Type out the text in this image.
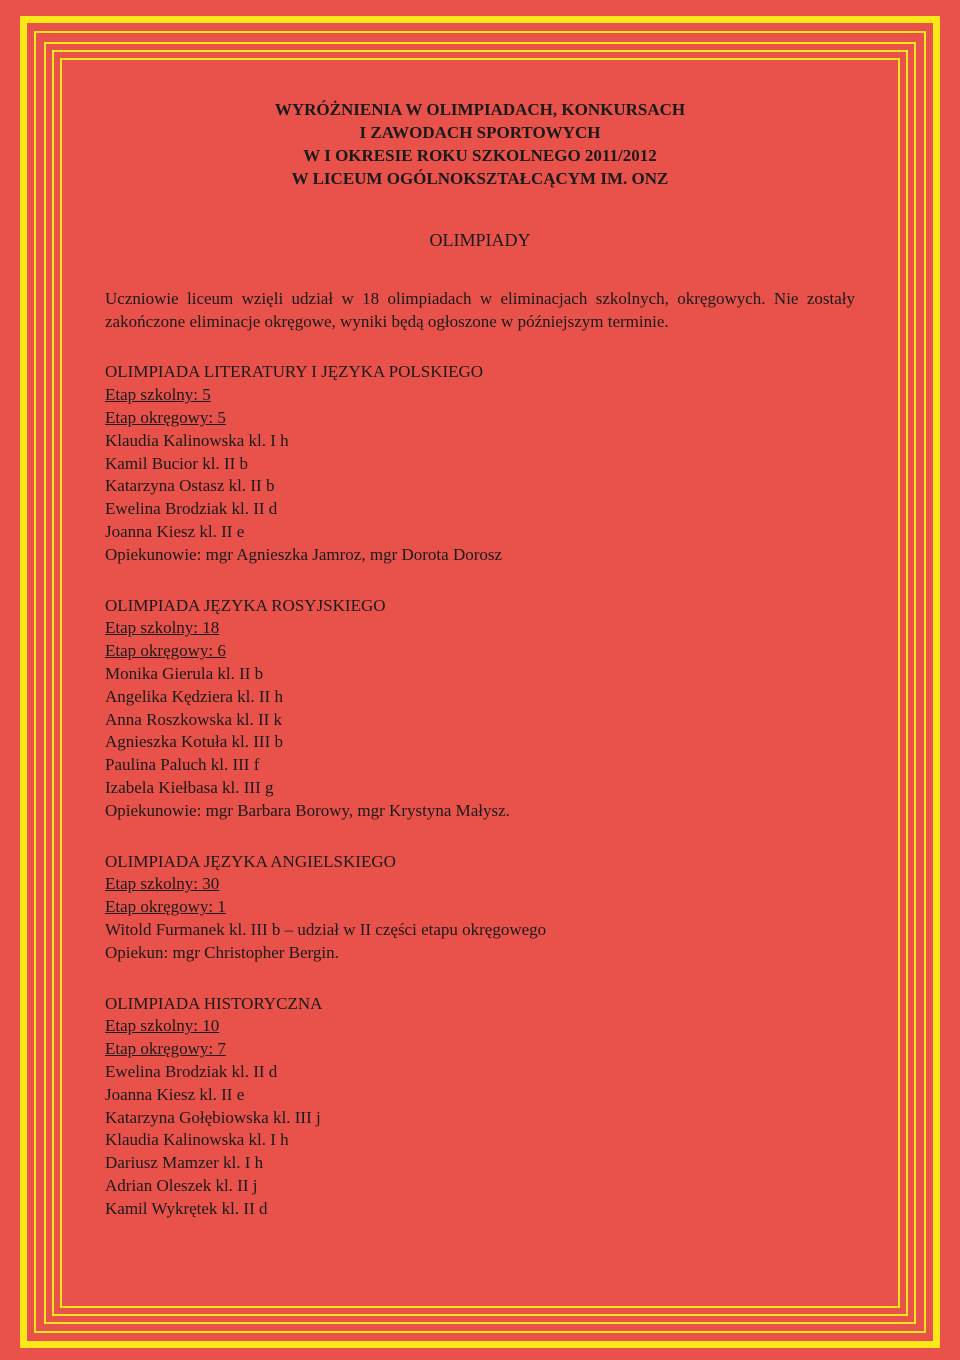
WYRÓŻNIENIA W OLIMPIADACH, KONKURSACH
I ZAWODACH SPORTOWYCH
W I OKRESIE ROKU SZKOLNEGO 2011/2012
W LICEUM OGÓLNOKSZTAŁCĄCYM IM. ONZ
OLIMPIADY

Uczniowie liceum wzięli udział w 18 olimpiadach w eliminacjach szkolnych, okręgowych. Nie zostały zakończone eliminacje okręgowe, wyniki będą ogłoszone w późniejszym terminie.

OLIMPIADA LITERATURY I JĘZYKA POLSKIEGO
Etap szkolny: 5
Etap okręgowy: 5
Klaudia Kalinowska kl. I h
Kamil Bucior kl. II b
Katarzyna Ostasz kl. II b
Ewelina Brodziak kl. II d
Joanna Kiesz kl. II e
Opiekunowie: mgr Agnieszka Jamroz, mgr Dorota Dorosz
OLIMPIADA JĘZYKA ROSYJSKIEGO
Etap szkolny: 18
Etap okręgowy: 6
Monika Gierula kl. II b
Angelika Kędziera kl. II h
Anna Roszkowska kl. II k
Agnieszka Kotuła kl. III b
Paulina Paluch kl. III f
Izabela Kiełbasa kl. III g
Opiekunowie: mgr Barbara Borowy, mgr Krystyna Małysz.
OLIMPIADA JĘZYKA ANGIELSKIEGO
Etap szkolny: 30
Etap okręgowy: 1
Witold Furmanek kl. III b – udział w II części etapu okręgowego
Opiekun: mgr Christopher Bergin.
OLIMPIADA HISTORYCZNA
Etap szkolny: 10
Etap okręgowy: 7
Ewelina Brodziak kl. II d
Joanna Kiesz kl. II e
Katarzyna Gołębiowska kl. III j
Klaudia Kalinowska kl. I h
Dariusz Mamzer kl. I h
Adrian Oleszek kl. II j
Kamil Wykrętek kl. II d
